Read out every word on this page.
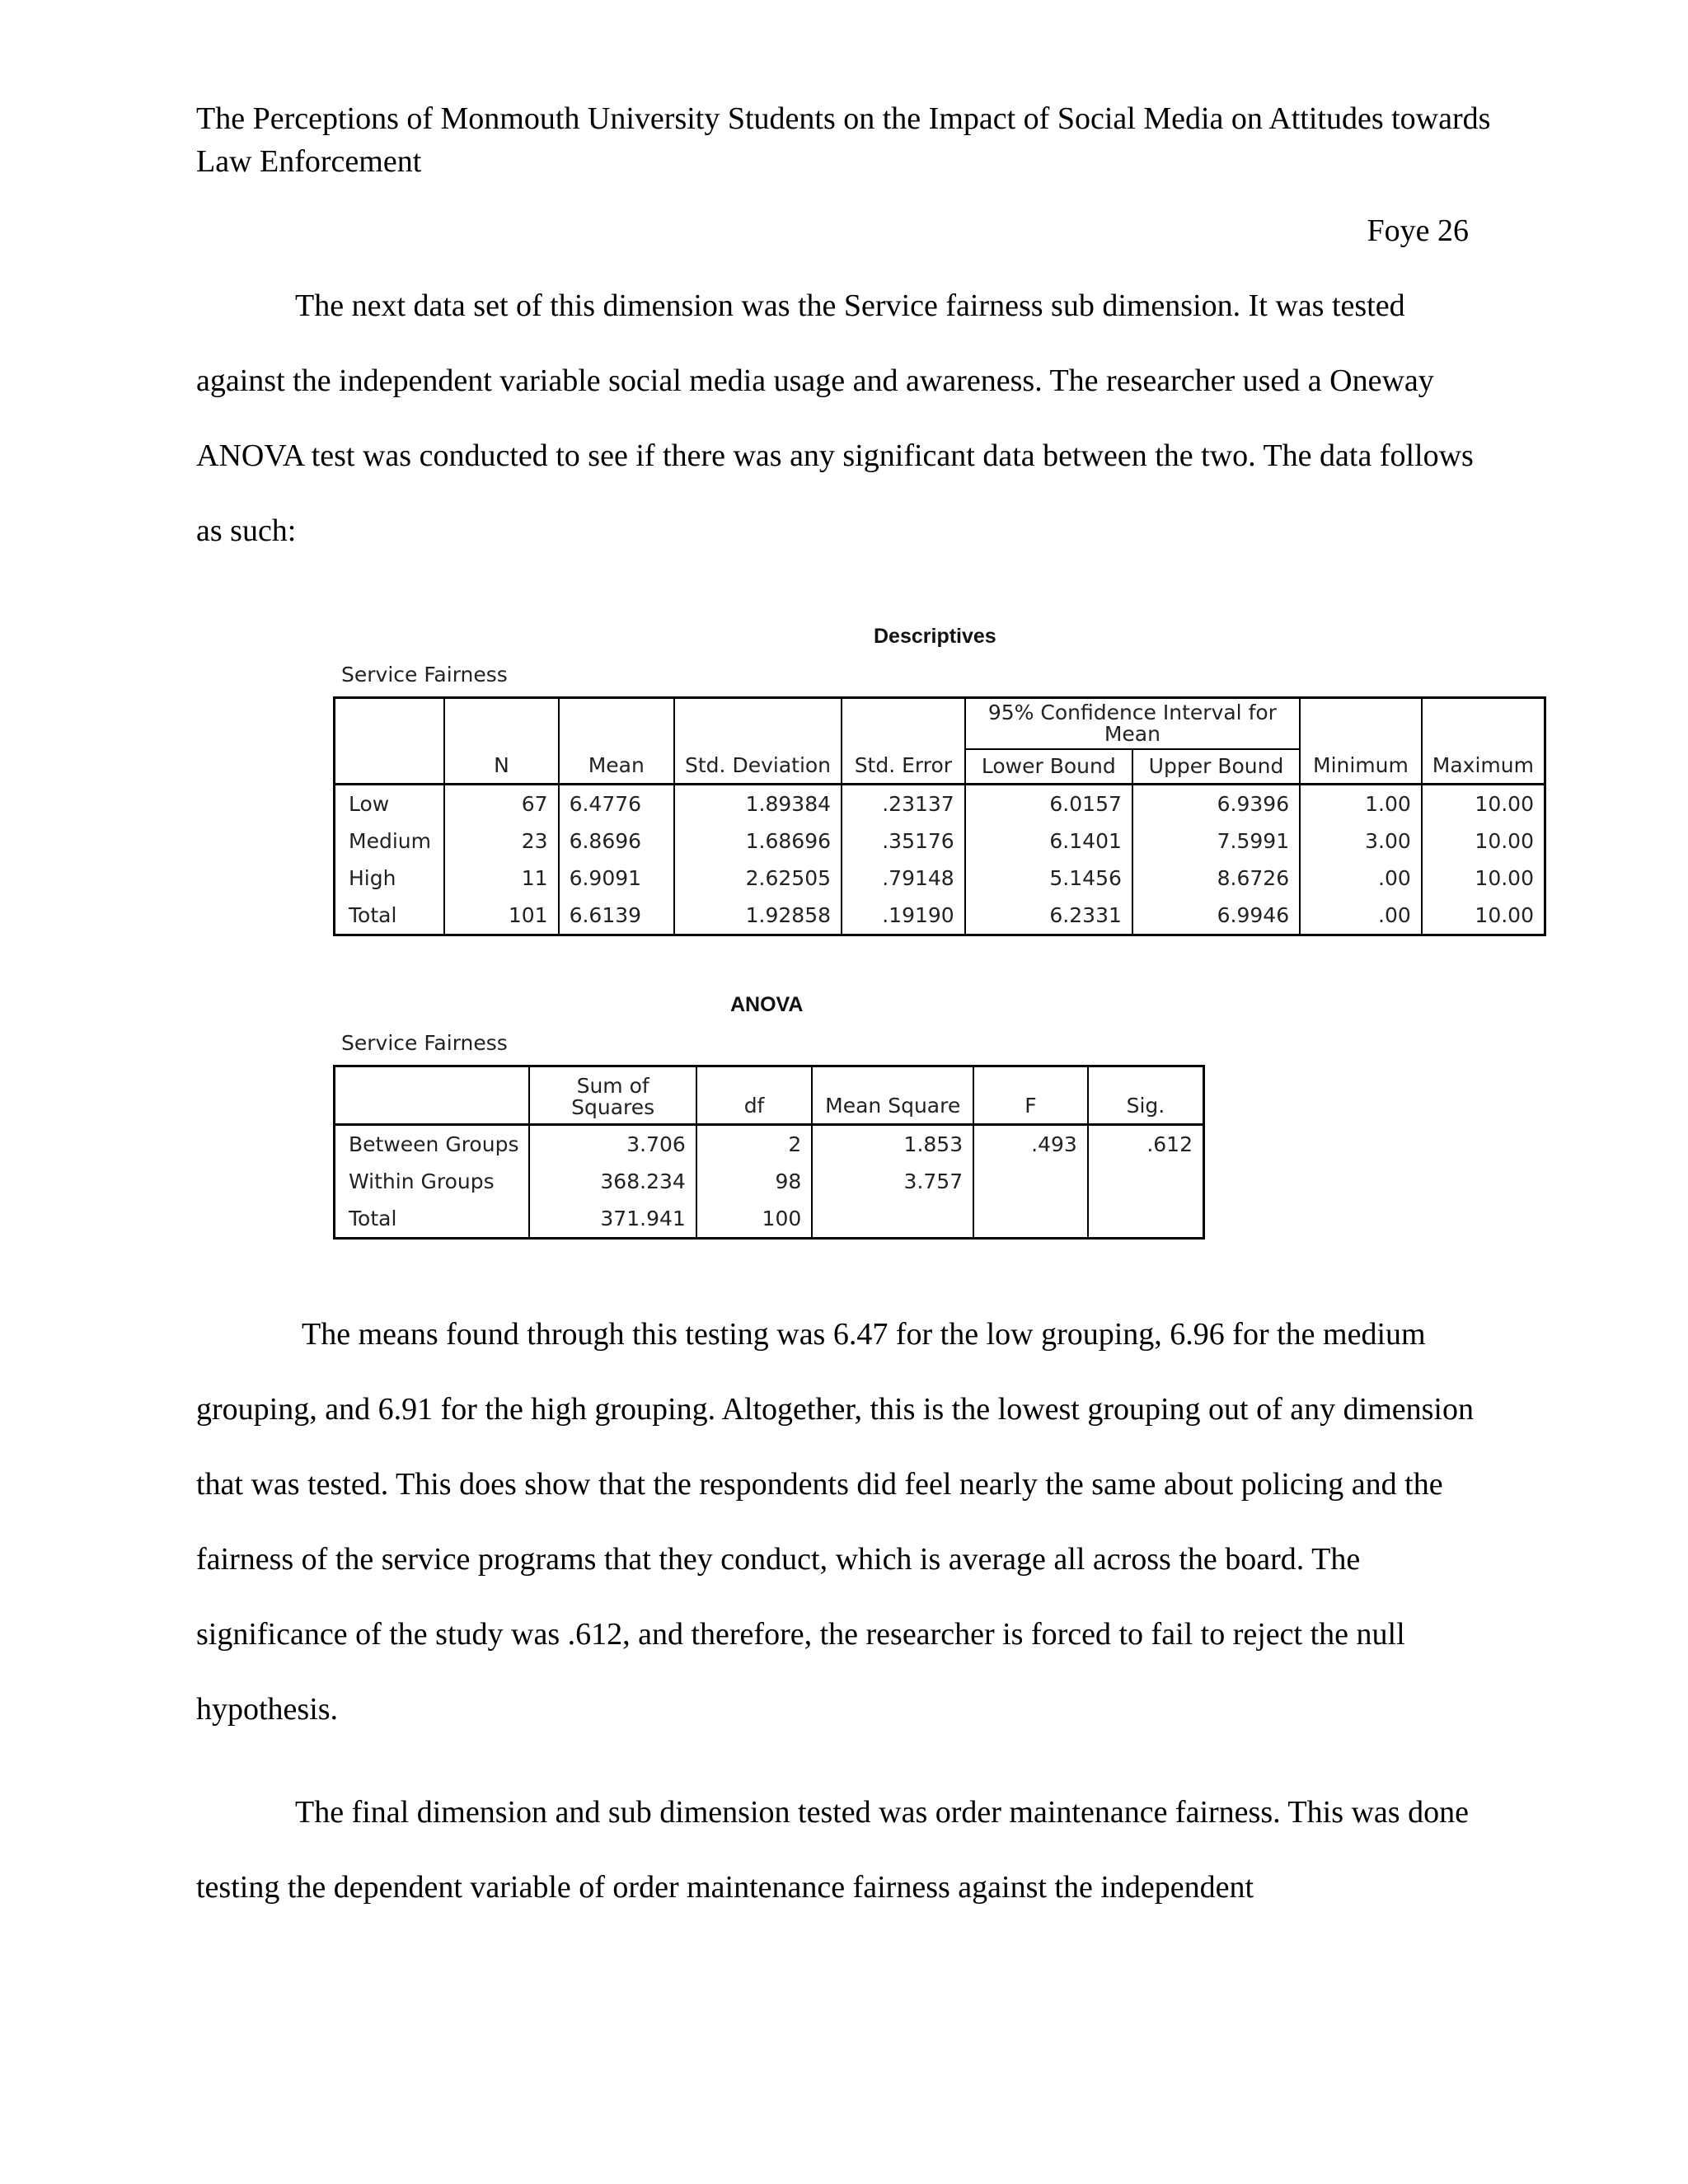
The Perceptions of Monmouth University Students on the Impact of Social Media on Attitudes towards Law Enforcement
Foye 26

The next data set of this dimension was the Service fairness sub dimension. It was tested against the independent variable social media usage and awareness. The researcher used a Oneway ANOVA test was conducted to see if there was any significant data between the two. The data follows as such:

Descriptives
Service Fairness
	N	Mean	Std. Deviation	Std. Error	95% Confidence Interval for Mean		Minimum	Maximum
					Lower Bound	Upper Bound		
Low	67	6.4776	1.89384	.23137	6.0157	6.9396	1.00	10.00
Medium	23	6.8696	1.68696	.35176	6.1401	7.5991	3.00	10.00
High	11	6.9091	2.62505	.79148	5.1456	8.6726	.00	10.00
Total	101	6.6139	1.92858	.19190	6.2331	6.9946	.00	10.00
ANOVA
Service Fairness
	Sum of Squares	df	Mean Square	F	Sig.
Between Groups	3.706	2	1.853	.493	.612
Within Groups	368.234	98	3.757		
Total	371.941	100			

The means found through this testing was 6.47 for the low grouping, 6.96 for the medium grouping, and 6.91 for the high grouping. Altogether, this is the lowest grouping out of any dimension that was tested. This does show that the respondents did feel nearly the same about policing and the fairness of the service programs that they conduct, which is average all across the board. The significance of the study was .612, and therefore, the researcher is forced to fail to reject the null hypothesis.

The final dimension and sub dimension tested was order maintenance fairness. This was done testing the dependent variable of order maintenance fairness against the independent
